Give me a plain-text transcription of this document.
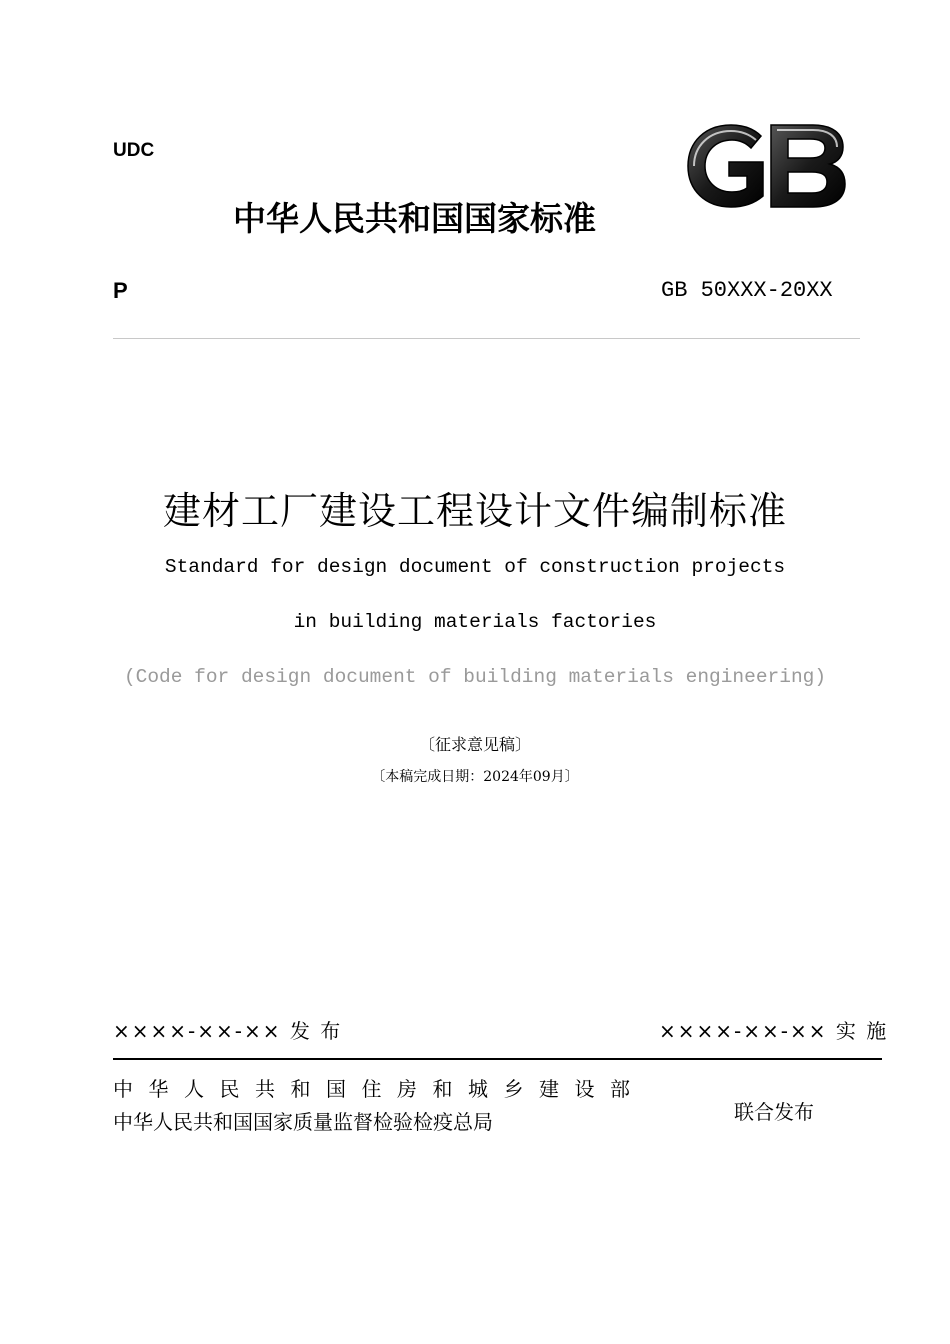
UDC
中华人民共和国国家标准
P	GB 50XXX-20XX
建材工厂建设工程设计文件编制标准
Standard for design document of construction projects
in building materials factories
(Code for design document of building materials engineering)
〔征求意见稿〕
〔本稿完成日期：2024年09月〕
××××-××-×× 发 布	××××-××-×× 实 施
中华人民共和国住房和城乡建设部
中华人民共和国国家质量监督检验检疫总局	联合发布
